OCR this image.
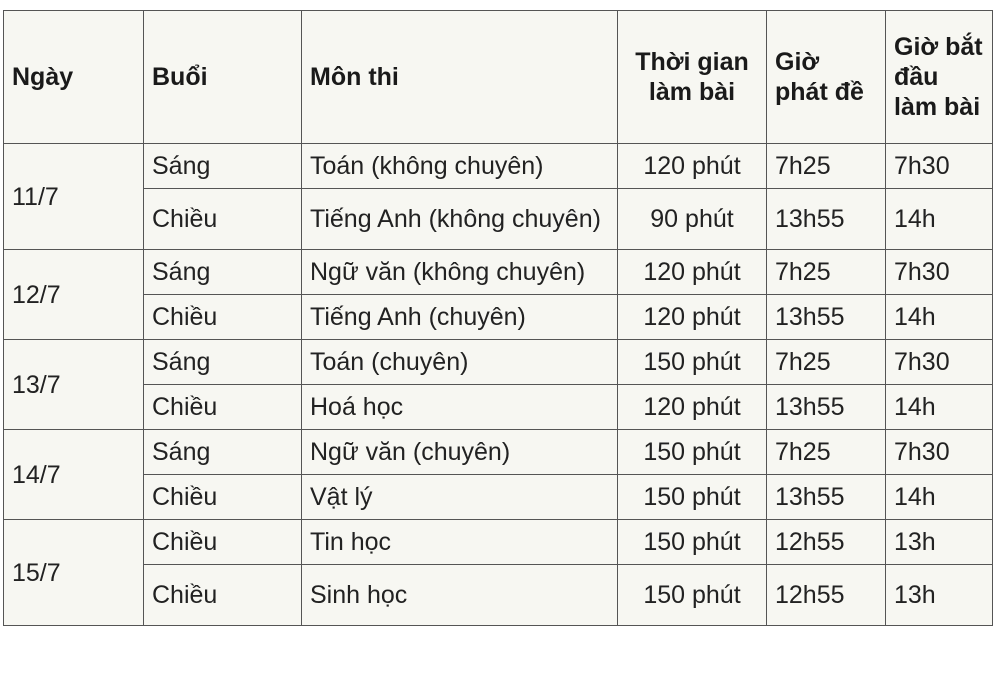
Ngày	Buổi	Môn thi	Thời gian làm bài	Giờ phát đề	Giờ bắt đầu làm bài
11/7	Sáng	Toán (không chuyên)	120 phút	7h25	7h30
	Chiều	Tiếng Anh (không chuyên)	90 phút	13h55	14h
12/7	Sáng	Ngữ văn (không chuyên)	120 phút	7h25	7h30
	Chiều	Tiếng Anh (chuyên)	120 phút	13h55	14h
13/7	Sáng	Toán (chuyên)	150 phút	7h25	7h30
	Chiều	Hoá học	120 phút	13h55	14h
14/7	Sáng	Ngữ văn (chuyên)	150 phút	7h25	7h30
	Chiều	Vật lý	150 phút	13h55	14h
15/7	Chiều	Tin học	150 phút	12h55	13h
	Chiều	Sinh học	150 phút	12h55	13h
